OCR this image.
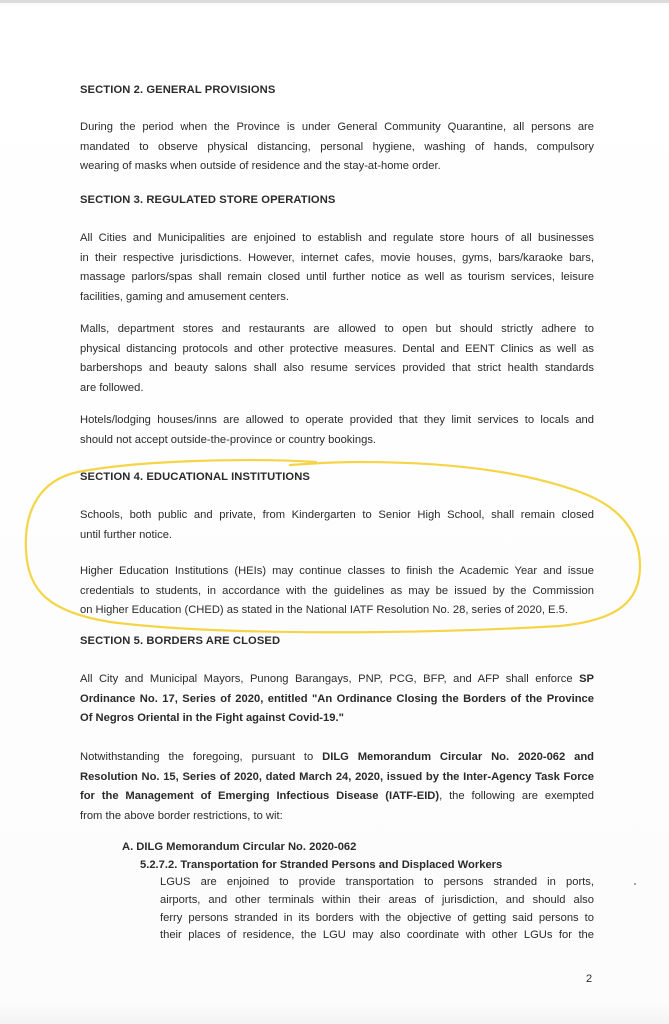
SECTION 2. GENERAL PROVISIONS
During the period when the Province is under General Community Quarantine, all persons are
mandated to observe physical distancing, personal hygiene, washing of hands, compulsory
wearing of masks when outside of residence and the stay-at-home order.
SECTION 3. REGULATED STORE OPERATIONS
All Cities and Municipalities are enjoined to establish and regulate store hours of all businesses
in their respective jurisdictions. However, internet cafes, movie houses, gyms, bars/karaoke bars,
massage parlors/spas shall remain closed until further notice as well as tourism services, leisure
facilities, gaming and amusement centers.
Malls, department stores and restaurants are allowed to open but should strictly adhere to
physical distancing protocols and other protective measures. Dental and EENT Clinics as well as
barbershops and beauty salons shall also resume services provided that strict health standards
are followed.
Hotels/lodging houses/inns are allowed to operate provided that they limit services to locals and
should not accept outside-the-province or country bookings.
SECTION 4. EDUCATIONAL INSTITUTIONS
Schools, both public and private, from Kindergarten to Senior High School, shall remain closed
until further notice.
Higher Education Institutions (HEIs) may continue classes to finish the Academic Year and issue
credentials to students, in accordance with the guidelines as may be issued by the Commission
on Higher Education (CHED) as stated in the National IATF Resolution No. 28, series of 2020, E.5.
SECTION 5. BORDERS ARE CLOSED
All City and Municipal Mayors, Punong Barangays, PNP, PCG, BFP, and AFP shall enforce SP
Ordinance No. 17, Series of 2020, entitled "An Ordinance Closing the Borders of the Province
Of Negros Oriental in the Fight against Covid-19."
Notwithstanding the foregoing, pursuant to DILG Memorandum Circular No. 2020-062 and
Resolution No. 15, Series of 2020, dated March 24, 2020, issued by the Inter-Agency Task Force
for the Management of Emerging Infectious Disease (IATF-EID), the following are exempted
from the above border restrictions, to wit:
A. DILG Memorandum Circular No. 2020-062
5.2.7.2. Transportation for Stranded Persons and Displaced Workers
LGUS are enjoined to provide transportation to persons stranded in ports,
airports, and other terminals within their areas of jurisdiction, and should also
ferry persons stranded in its borders with the objective of getting said persons to
their places of residence, the LGU may also coordinate with other LGUs for the
2
